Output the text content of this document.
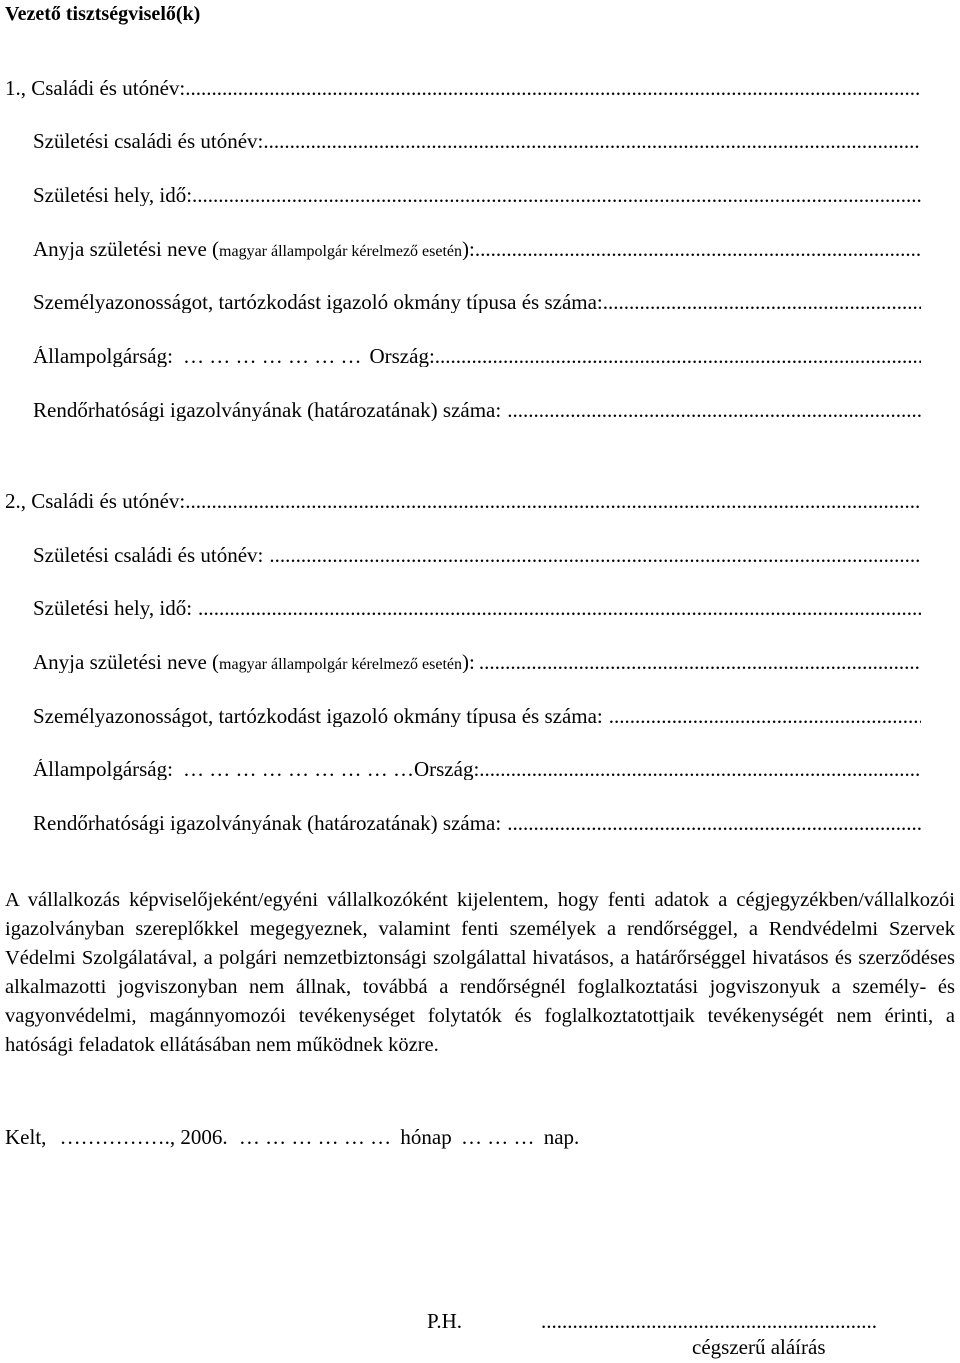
Vezető tisztségviselő(k)
1., Családi és utónév:
.....
Születési családi és utónév:
.....
Születési hely, idő:
.....
Anyja születési neve (magyar állampolgár kérelmező esetén):
.....
Személyazonosságot, tartózkodást igazoló okmány típusa és száma:
.....
Állampolgárság: … … … … … … … Ország:
.....
Rendőrhatósági igazolványának (határozatának) száma:
.....
2., Családi és utónév:
.....
Születési családi és utónév:
.....
Születési hely, idő:
.....
Anyja születési neve (magyar állampolgár kérelmező esetén):
.....
Személyazonosságot, tartózkodást igazoló okmány típusa és száma:
.....
Állampolgárság: … … … … … … … … … Ország:
.....
Rendőrhatósági igazolványának (határozatának) száma:
.....

A vállalkozás képviselőjeként/egyéni vállalkozóként kijelentem, hogy fenti adatok a cégjegyzékben/vállalkozói igazolványban szereplőkkel megegyeznek, valamint fenti személyek a rendőrséggel, a Rendvédelmi Szervek Védelmi Szolgálatával, a polgári nemzetbiztonsági szolgálattal hivatásos, a határőrséggel hivatásos és szerződéses alkalmazotti jogviszonyban nem állnak, továbbá a rendőrségnél foglalkoztatási jogviszonyuk a személy- és vagyonvédelmi, magánnyomozói tevékenységet folytatók és foglalkoztatottjaik tevékenységét nem érinti, a hatósági feladatok ellátásában nem működnek közre.

Kelt, ……………., 2006. … … … … … … hónap … … … nap.
P.H.	................................................................
cégszerű aláírás
